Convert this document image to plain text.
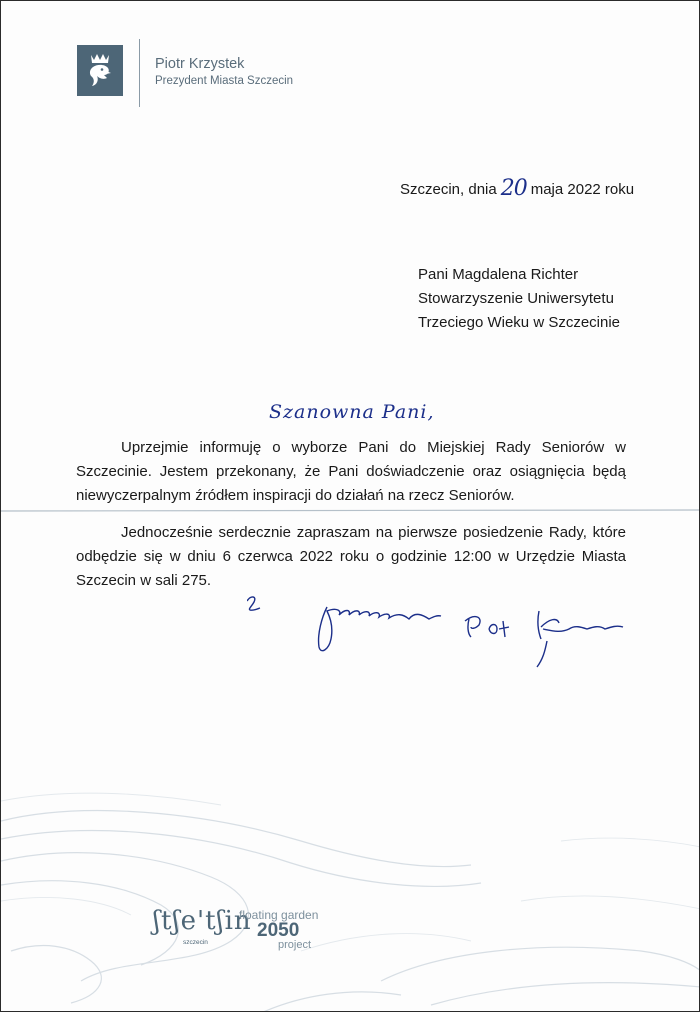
Piotr Krzystek
Prezydent Miasta Szczecin
Szczecin, dnia 20 maja 2022 roku
Pani Magdalena Richter
Stowarzyszenie Uniwersytetu
Trzeciego Wieku w Szczecinie
Szanowna Pani,
Uprzejmie informuję o wyborze Pani do Miejskiej Rady Seniorów w Szczecinie. Jestem przekonany, że Pani doświadczenie oraz osiągnięcia będą niewyczerpalnym źródłem inspiracji do działań na rzecz Seniorów.
Jednocześnie serdecznie zapraszam na pierwsze posiedzenie Rady, które odbędzie się w dniu 6 czerwca 2022 roku o godzinie 12:00 w Urzędzie Miasta Szczecin w sali 275.
ʃtʃe'tʃin
floating garden
2050
szczecin	project
